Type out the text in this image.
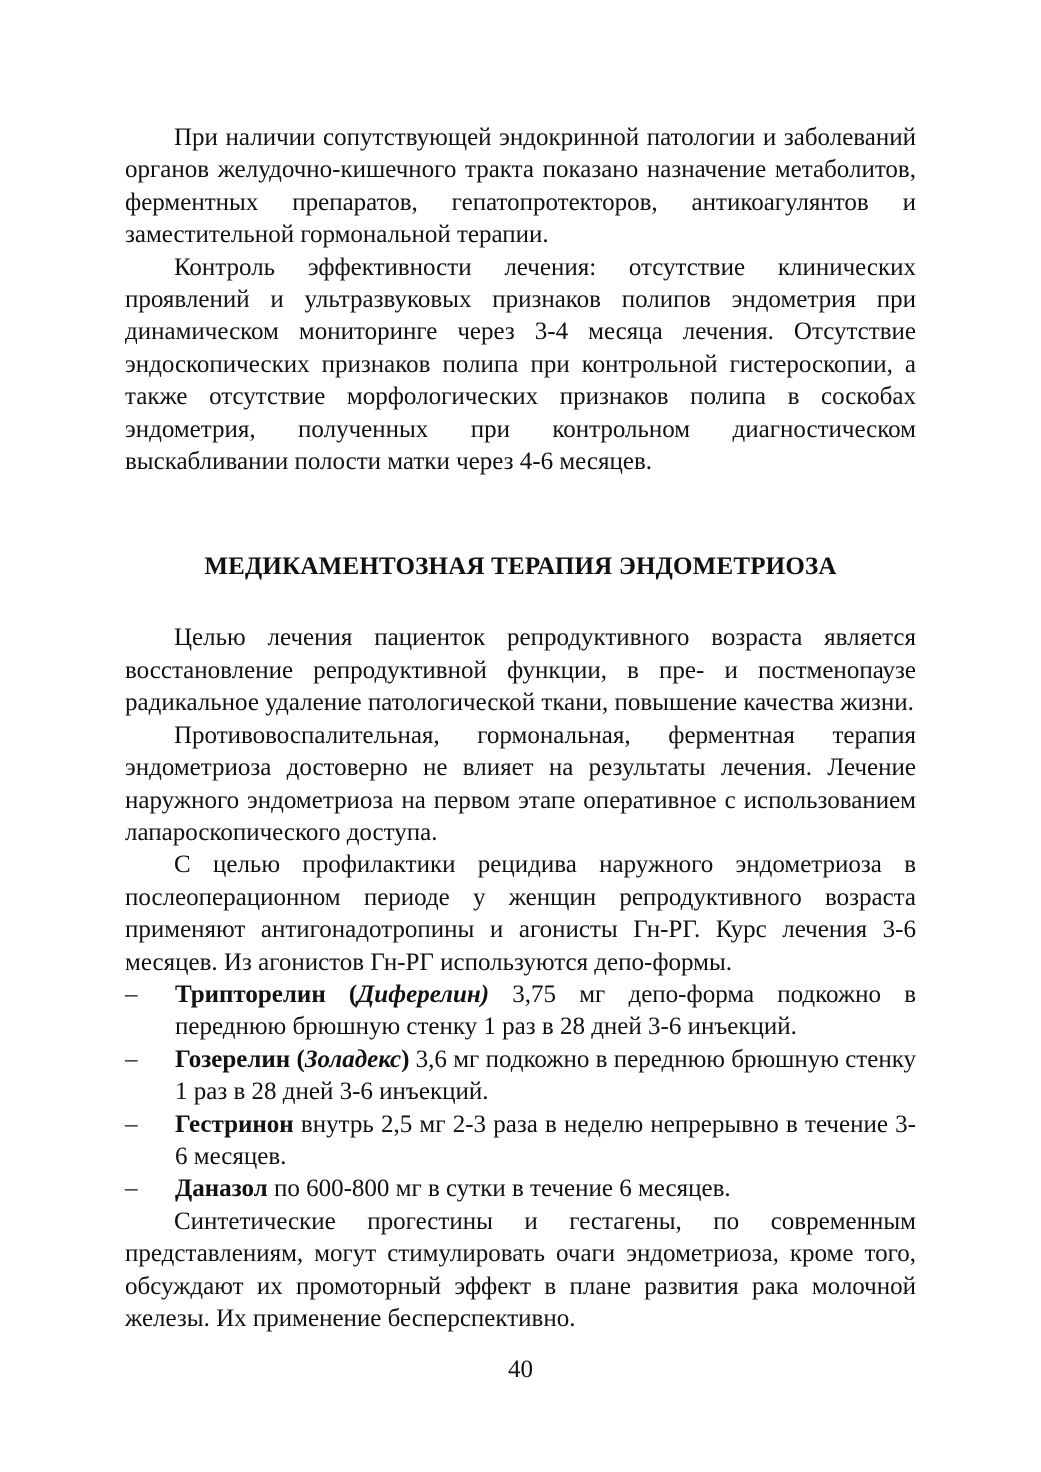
При наличии сопутствующей эндокринной патологии и заболеваний органов желудочно-кишечного тракта показано назначение метаболитов, ферментных препаратов, гепатопротекторов, антикоагулянтов и заместительной гормональной терапии.

Контроль эффективности лечения: отсутствие клинических проявлений и ультразвуковых признаков полипов эндометрия при динамическом мониторинге через 3-4 месяца лечения. Отсутствие эндоскопических признаков полипа при контрольной гистероскопии, а также отсутствие морфологических признаков полипа в соскобах эндометрия, полученных при контрольном диагностическом выскабливании полости матки через 4-6 месяцев.

МЕДИКАМЕНТОЗНАЯ ТЕРАПИЯ ЭНДОМЕТРИОЗА

Целью лечения пациенток репродуктивного возраста является восстановление репродуктивной функции, в пре- и постменопаузе радикальное удаление патологической ткани, повышение качества жизни.

Противовоспалительная, гормональная, ферментная терапия эндометриоза достоверно не влияет на результаты лечения. Лечение наружного эндометриоза на первом этапе оперативное с использованием лапароскопического доступа.

С целью профилактики рецидива наружного эндометриоза в послеоперационном периоде у женщин репродуктивного возраста применяют антигонадотропины и агонисты Гн-РГ. Курс лечения 3-6 месяцев. Из агонистов Гн-РГ используются депо-формы.

– Трипторелин (Диферелин) 3,75 мг депо-форма подкожно в переднюю брюшную стенку 1 раз в 28 дней 3-6 инъекций.
– Гозерелин (Золадекс) 3,6 мг подкожно в переднюю брюшную стенку 1 раз в 28 дней 3-6 инъекций.
– Гестринон внутрь 2,5 мг 2-3 раза в неделю непрерывно в течение 3-6 месяцев.
– Даназол по 600-800 мг в сутки в течение 6 месяцев.

Синтетические прогестины и гестагены, по современным представлениям, могут стимулировать очаги эндометриоза, кроме того, обсуждают их промоторный эффект в плане развития рака молочной железы. Их применение бесперспективно.

40
